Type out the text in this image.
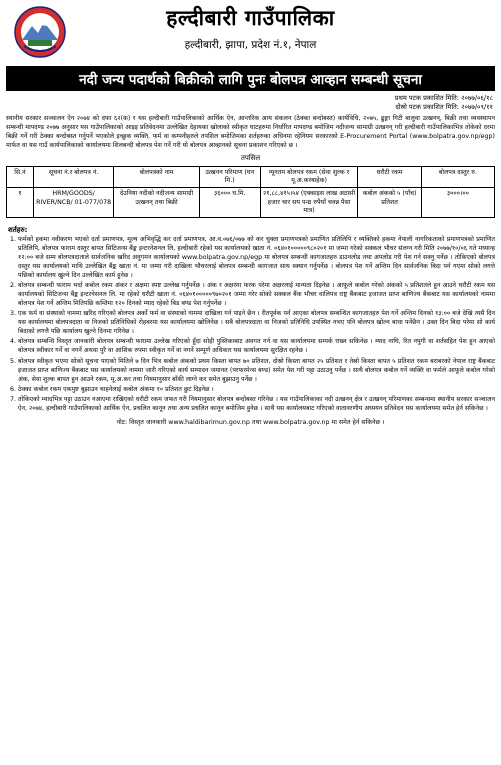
हल्दीबारी गाउँपालिका
हल्दीबारी, झापा, प्रदेश नं.१, नेपाल
नदी जन्य पदार्थको बिक्रीको लागि पुनः बोलपत्र आव्हान सम्बन्धी सूचना
प्रथम पटक प्रकाशित मिति: २०७७/०६/१८
दोस्रो पटक प्रकाशित मिति: २०७७/०९/११
स्थानीय सरकार सञ्चालन ऐन २०७४ को दफा ६२(क) र यस हल्दीबारी गाउँपालिकाको आर्थिक ऐन, आन्तरिक आय संकलन (ठेक्का बन्दोबस्त) कार्यविधि, २०७५, ढुङ्गा गिटी बालुवा उत्खनन्, बिक्री तथा व्यवस्थापन सम्बन्धी मापदण्ड २०७७ अनुसार यस गाउँपालिकाको आइइ प्रतिवेदनमा उल्लेखित देहायका खोलाको स्वीकृत घाटहरुमा निर्धारित मापदण्ड बमोजिम नदीजन्य सामाग्री उत्खनन् गरी हल्दीबारी गाउँपालिकाभित्र तोकेको दरमा बिक्री गर्ने गरी ठेक्का बन्दोबस्त गर्नुपर्ने भएकोले इच्छुक व्यक्ति, फर्म वा कम्पनीहरुले तपशिल बमोजिमका शर्तहरुका अधिनमा रहेनियम सरकारको E-Procurement Portal (www.bolpatra.gov.np/egp) मार्फत वा यस गाउँ कार्यपालिकाको कार्यालयमा शिलबन्दी बोलपत्र पेश गर्ने गरी यो बोलपत्र आव्हानको सूचना प्रकाशन गरिएको छ ।
तपसिल
सि.नं	सूचना नं.र बोलपत्र नं.	बोलपत्रको नाम	उत्खनन परिमाण (घन मि.)	न्यूनतम बोलपत्र रकम (सेवा शुल्क र मू.अ.करबाहेक)	धरौटी रकम	बोलपत्र दस्तुर रु.
१	HRM/GOODS/ RIVER/NCB/ 01-077/078	देउनिया नदीको नदीजन्य सामाग्री उत्खनन् तथा बिक्री	३६००० घ.मि.	२१,८८,४१५।५४ (एक्काइस लाख अठासी हजार चार सय पन्ध्र रुपैयाँ चवन्न पैसा मात्र)	कबोल अंकको ५ (पाँच) प्रतिशत	३०००।००
शर्तहरु:
1. फर्मको हकमा नवीकरण भएको दर्ता प्रमाणपत्र, मूल्य अभिवृद्धि कर दर्ता प्रमाणपत्र, आ.व.०७६/०७७ को कर चुक्ता प्रमाणपत्रको प्रमाणित प्रतिलिपि र व्यक्तिको हकमा नेपाली नागरिकताको प्रमाणपत्रको प्रमाणित प्रतिलिपि, बोलपत्र फाराम दस्तुर बापत सिटिजन्स बैंङ्क इन्टरनेशनल लि, हल्दीबारी रहेको यस कार्यालयको खाता नं. ०६४०१०००००९८०२०१ मा जम्मा गरेको सक्कल भौचर संलग्न गरी मिति २०७७/१०/०६ गते मध्यान्ह १२:०० बजे सम्म बोलपत्रदाताले सार्वजनिक खरिद अनुगमन कार्यालयको www.bolpatra.gov.np/egp मा बोलपत्र सम्बन्धी कागजातहरु डाउनलोड तथा अपलोड गरी पेश गर्न सक्नु पर्नेछ । तोकिएको बोलपत्र दस्तुर यस कार्यालयको माथि उल्लेखित बैंङ्क खाता नं. मा जम्मा गरी दाखिला भौचरलाई बोलपत्र सम्बन्धी कागजात साथ स्क्यान गर्नुपर्नेछ । बोलपत्र पेश गर्ने अन्तिम दिन सार्वजनिक बिदा पर्न गएमा सोको लगत्ते पछिको कार्यालय खुल्ने दिन उल्लेखित कार्य हुनेछ ।
2. बोलपत्र सम्बन्धी फाराम भर्दा कबोल रकम अंकर र अक्षमा स्पष्ट उल्लेख गर्नुपर्नेछ । अंक र अक्षरमा फरक परेमा अक्षरलाई मान्यता दिइनेछ । आफूले कबोल गरेको अंकको ५ प्रतिशतले हुन आउने धरौटी रकम यस कार्यालयको सिटिजन्स बैंङ्क इन्टरनेसनल लि. मा रहेको धरौटी खाता नं. ०६४०१०००००९७०२०१ जम्मा गरेर सोको सक्कल बैंक भौचर वालिपत्र राष्ट्र बैंकबाट इजाजत प्राप्त बाणिज्य बैंकबाट यस कार्यालयको नाममा बोलपत्र पेश गर्ने अन्तिम मितिपछि कम्तिमा १२० दिनको म्याद रहेको बिड बण्ड पेश गर्नुपर्नेछ ।
3. एक फर्म वा संस्थाको नाममा खरिद गरिएको बोलपत्र अर्को फर्म वा संस्थाको नाममा दाखिला गर्न पाइने छैन । रीतपूर्वक पर्न आएका बोलपत्र सम्बन्धित कागजातहरु पेश गर्ने अन्तिम दिनको १३:०० बजे देखि त्यसै दिन यस कार्यालयमा बोलपत्रदाता वा निजको प्रतिनिधिको रोहबरमा यस कार्यालयमा खोलिनेछ । सबै बोलपत्रदाता वा निजको प्रतिनिधि उपस्थित नभए पनि बोलपत्र खोल्न बाधा पर्नेछैन । उक्त दिन बिदा परेमा सो कार्य बिदाको लगत्तै पछि कार्यालय खुल्ने दिनमा गरिनेछ ।
4. बोलपत्र सम्बन्धि विस्तृत जानकारी बोलपत्र सम्बन्धी फारामा उल्लेख गरिएको हुँदा सोही पुस्तिकाबाट अवगत गर्न वा यस कार्यालयमा सम्पर्क राख्न सकिनेछ । म्याद नाघि, रित नपुगी वा शर्तसहित पेश हुन आएको बोलपत्र स्वीकार गर्ने वा नगर्ने अथवा पुरै वा आंशिक रुपमा स्वीकृत गर्ने वा नगर्ने सम्पूर्ण अधिकार यस कार्यालयमा सुरक्षित रहनेछ ।
5. बोलपत्र स्वीकृत भएमा सोको सूचना पाएको मितिले ७ दिन भित्र कबोल अंकको प्रथम किस्ता बापत ७० प्रतिशत, दोस्रो किस्ता बापत २५ प्रतिशत र तेस्रो किस्ता बापत ५ प्रतिशत रकम बराबरको नेपाल राष्ट्र बैंकबाट इजाजत प्राप्त बाणिज्य बैंकबाट यस कार्यालयको नाममा जारी गरिएको कार्य सम्पादन जमानत (परफरमेन्स बण्ड) समेत पेश गरी पट्टा उठाउनु पर्नेछ । साथै बोलपत्र कबोल गर्ने व्यक्ति वा फर्मले आफूले कबोल गरेको अंक, सेवा शुल्क बापत हुन आउने रकम, मू.अ.कर तथा नियमानुसार बाँकी लाग्ने कर समेत बुझाउनु पर्नेछ ।
6. ठेक्का कबोल रकम एकमुष्ट बुझाउन चाहनेलाई कबोल अंकमा १० प्रतिशत छुट दिइनेछ ।
7. तोकिएको म्यादभित्र पट्टा उठाउन नआएमा राखिएको धरौटी रकम जफत गरी नियमानुसार बोलपत्र बन्दोबस्त गरिनेछ । यस गाउँपालिकाका नदी उत्खनन् क्षेत्र र उत्खनन् परिमाणका सम्बन्धमा स्थानीय सरकार सञ्चालन ऐन, २०७४, हल्दीबारी गाउँपालिकाको आर्थिक ऐन, प्रचलित कानून तथा अन्य प्रचलित कानून बमोजिम हुनेछ । साथै यस कार्यालयबाट गरिएको वातावरणीय अध्ययन प्रतिवेदन यस कार्यालयमा समेत हेर्न सकिनेछ ।
नोट: विस्तृत जानकारी www.haldibarimun.gov.np तथा www.bolpatra.gov.np मा समेत हेर्न सकिनेछ ।
